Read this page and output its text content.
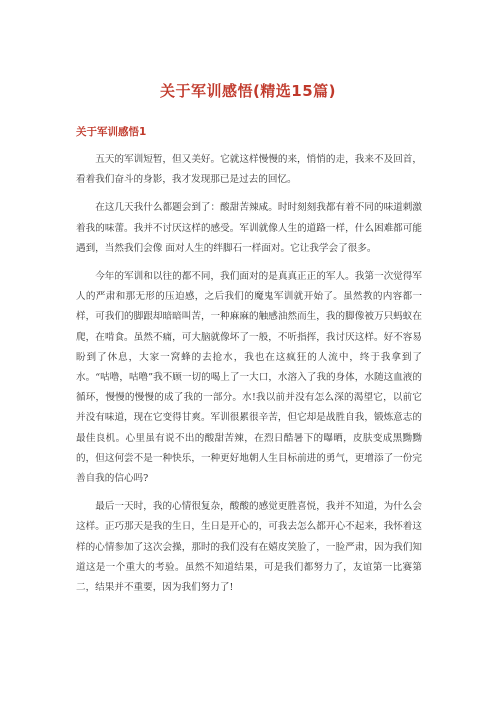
关于军训感悟(精选15篇)
关于军训感悟1

五天的军训短暂，但又美好。它就这样慢慢的来，悄悄的走，我来不及回首，看着我们奋斗的身影，我才发现那已是过去的回忆。

在这几天我什么都题会到了：酸甜苦辣咸。时时刻刻我都有着不同的味道刺激着我的味蕾。我并不讨厌这样的感受。军训就像人生的道路一样，什么困难都可能遇到，当然我们会像 面对人生的绊脚石一样面对。它让我学会了很多。

今年的军训和以往的都不同，我们面对的是真真正正的军人。我第一次觉得军人的严肃和那无形的压迫感，之后我们的魔鬼军训就开始了。虽然教的内容都一样，可我们的脚跟却暗暗叫苦，一种麻麻的触感油然而生，我的脚像被万只蚂蚁在爬，在啃食。虽然不痛，可大脑就像坏了一般，不听指挥，我讨厌这样。好不容易盼到了休息，大家一窝蜂的去抢水，我也在这疯狂的人流中，终于我拿到了水。“咕噜，咕噜”我不顾一切的喝上了一大口，水溶入了我的身体，水随这血液的循环，慢慢的慢慢的成了我的一部分。水!我以前并没有怎么深的渴望它，以前它并没有味道，现在它变得甘爽。军训很累很辛苦，但它却是战胜自我，锻炼意志的最佳良机。心里虽有说不出的酸甜苦辣，在烈日酷暑下的曝晒，皮肤变成黑黝黝的，但这何尝不是一种快乐，一种更好地朝人生目标前进的勇气，更增添了一份完善自我的信心吗?

最后一天时，我的心情很复杂，酸酸的感觉更胜喜悦，我并不知道，为什么会这样。正巧那天是我的生日，生日是开心的，可我去怎么都开心不起来，我怀着这样的心情参加了这次会操，那时的我们没有在嬉皮笑脸了，一脸严肃，因为我们知道这是一个重大的考验。虽然不知道结果，可是我们都努力了，友谊第一比赛第二，结果并不重要，因为我们努力了!
